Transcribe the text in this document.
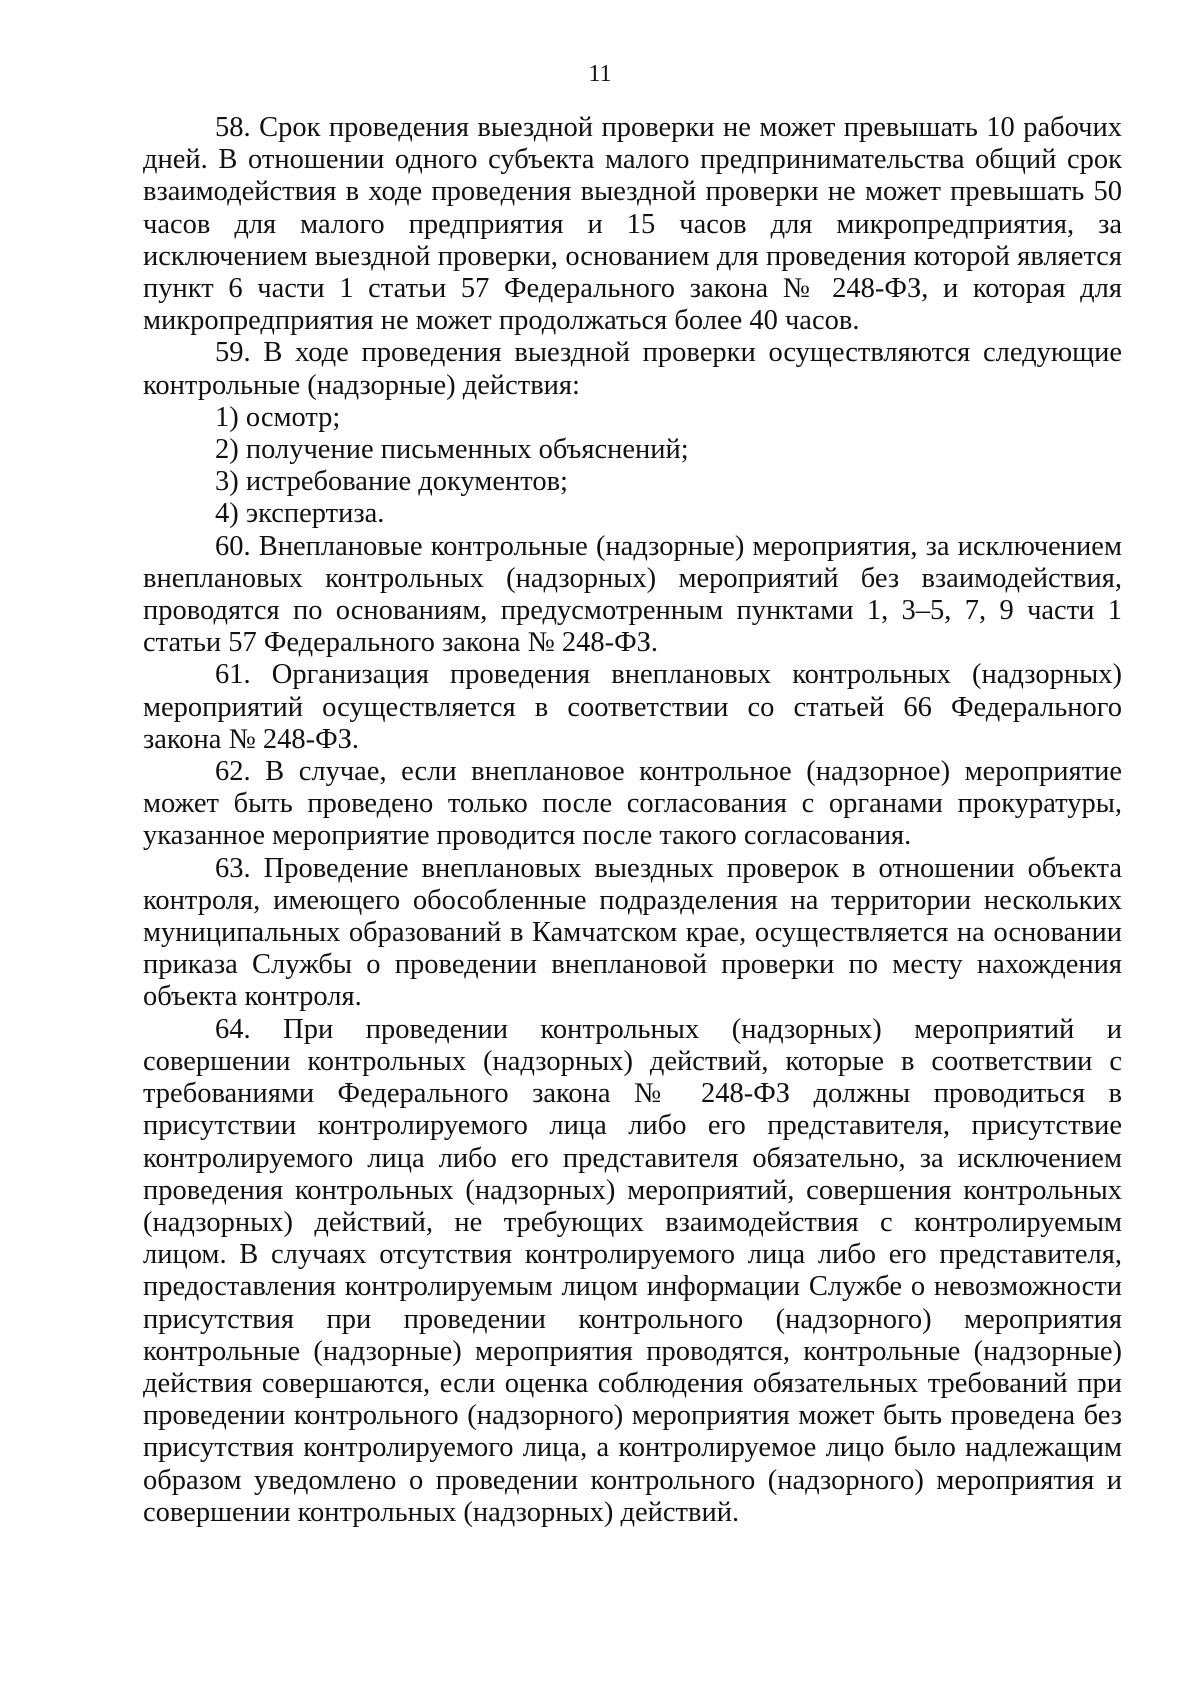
11

58. Срок проведения выездной проверки не может превышать 10 рабочих дней. В отношении одного субъекта малого предпринимательства общий срок взаимодействия в ходе проведения выездной проверки не может превышать 50 часов для малого предприятия и 15 часов для микропредприятия, за исключением выездной проверки, основанием для проведения которой является пункт 6 части 1 статьи 57 Федерального закона № 248-ФЗ, и которая для микропредприятия не может продолжаться более 40 часов.

59. В ходе проведения выездной проверки осуществляются следующие контрольные (надзорные) действия:

1) осмотр;

2) получение письменных объяснений;

3) истребование документов;

4) экспертиза.

60. Внеплановые контрольные (надзорные) мероприятия, за исключением внеплановых контрольных (надзорных) мероприятий без взаимодействия, проводятся по основаниям, предусмотренным пунктами 1, 3–5, 7, 9 части 1 статьи 57 Федерального закона № 248-ФЗ.

61. Организация проведения внеплановых контрольных (надзорных) мероприятий осуществляется в соответствии со статьей 66 Федерального закона № 248-ФЗ.

62. В случае, если внеплановое контрольное (надзорное) мероприятие может быть проведено только после согласования с органами прокуратуры, указанное мероприятие проводится после такого согласования.

63. Проведение внеплановых выездных проверок в отношении объекта контроля, имеющего обособленные подразделения на территории нескольких муниципальных образований в Камчатском крае, осуществляется на основании приказа Службы о проведении внеплановой проверки по месту нахождения объекта контроля.

64. При проведении контрольных (надзорных) мероприятий и совершении контрольных (надзорных) действий, которые в соответствии с требованиями Федерального закона № 248-ФЗ должны проводиться в присутствии контролируемого лица либо его представителя, присутствие контролируемого лица либо его представителя обязательно, за исключением проведения контрольных (надзорных) мероприятий, совершения контрольных (надзорных) действий, не требующих взаимодействия с контролируемым лицом. В случаях отсутствия контролируемого лица либо его представителя, предоставления контролируемым лицом информации Службе о невозможности присутствия при проведении контрольного (надзорного) мероприятия контрольные (надзорные) мероприятия проводятся, контрольные (надзорные) действия совершаются, если оценка соблюдения обязательных требований при проведении контрольного (надзорного) мероприятия может быть проведена без присутствия контролируемого лица, а контролируемое лицо было надлежащим образом уведомлено о проведении контрольного (надзорного) мероприятия и совершении контрольных (надзорных) действий.
